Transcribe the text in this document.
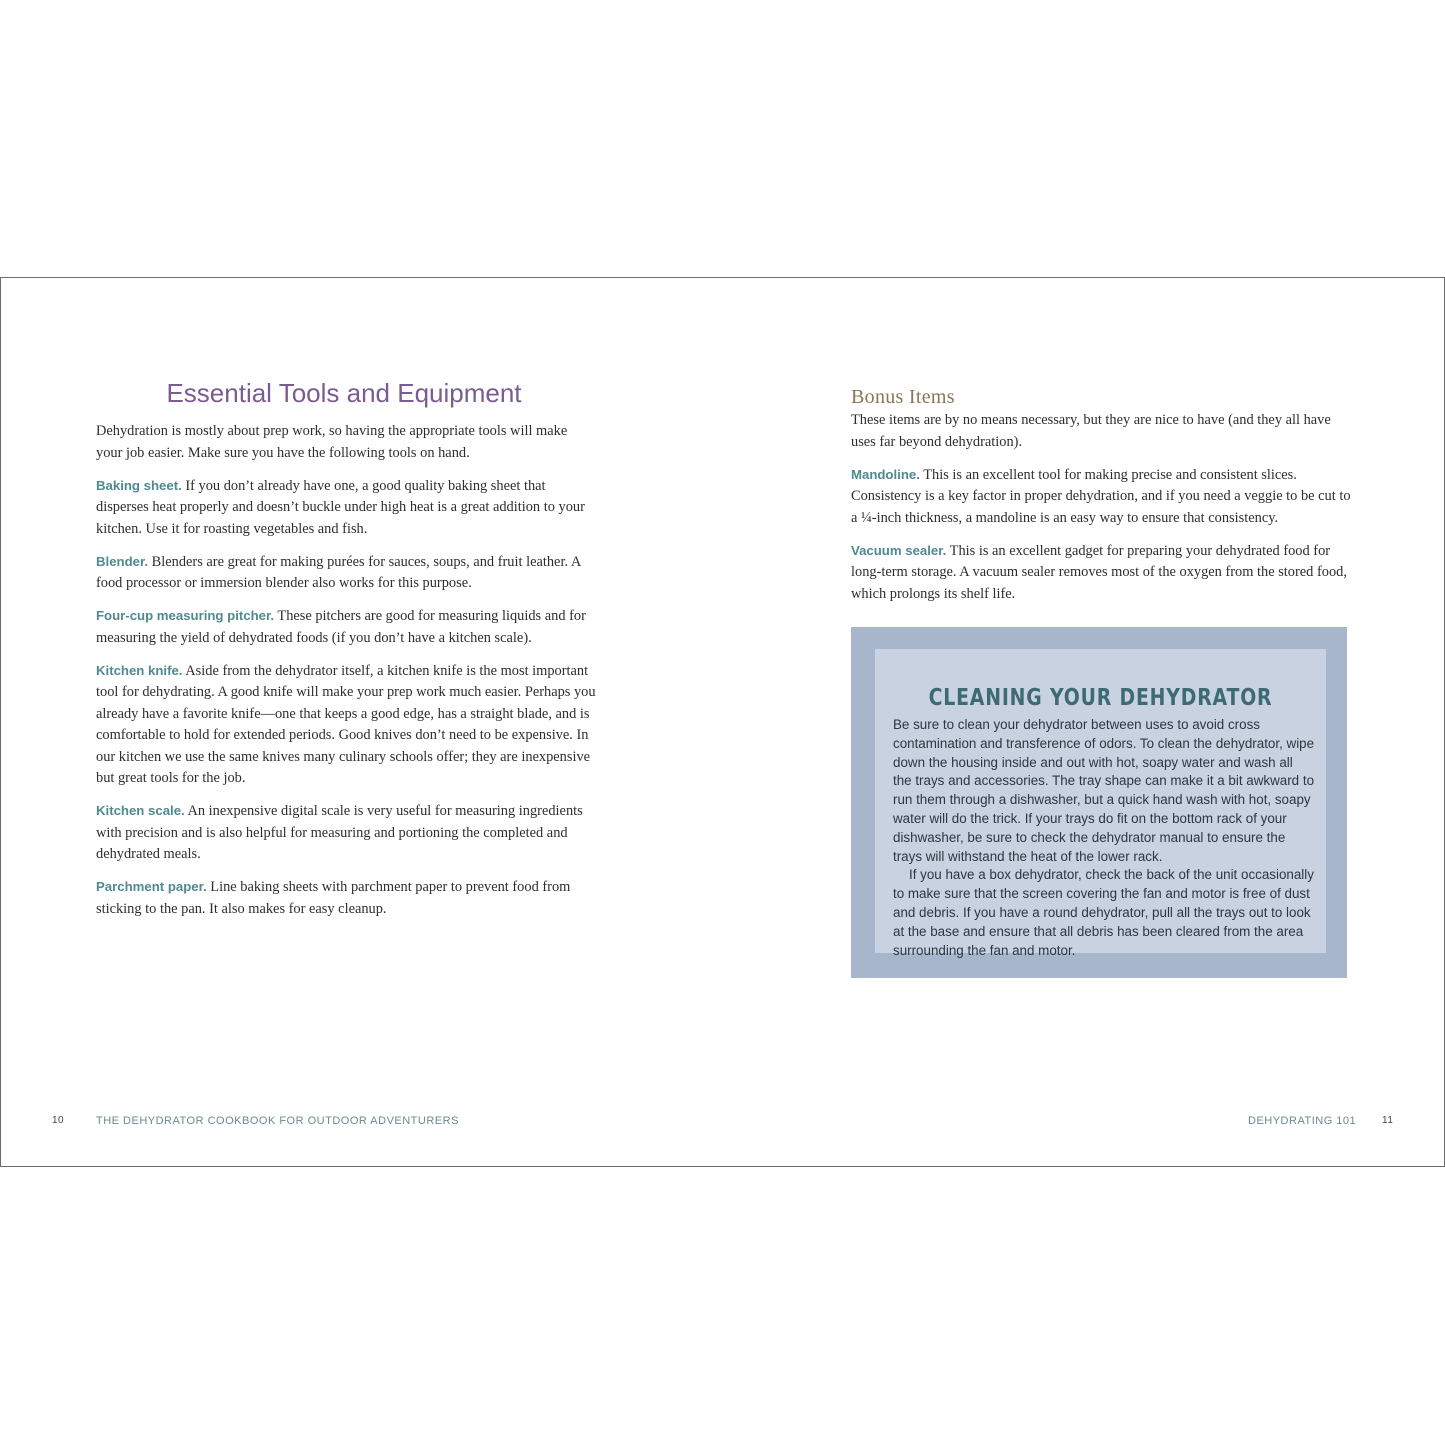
Essential Tools and Equipment

Dehydration is mostly about prep work, so having the appropriate tools will make your job easier. Make sure you have the following tools on hand.

Baking sheet. If you don’t already have one, a good quality baking sheet that disperses heat properly and doesn’t buckle under high heat is a great addition to your kitchen. Use it for roasting vegetables and fish.

Blender. Blenders are great for making purées for sauces, soups, and fruit leather. A food processor or immersion blender also works for this purpose.

Four-cup measuring pitcher. These pitchers are good for measuring liquids and for measuring the yield of dehydrated foods (if you don’t have a kitchen scale).

Kitchen knife. Aside from the dehydrator itself, a kitchen knife is the most important tool for dehydrating. A good knife will make your prep work much easier. Perhaps you already have a favorite knife—one that keeps a good edge, has a straight blade, and is comfortable to hold for extended periods. Good knives don’t need to be expensive. In our kitchen we use the same knives many culinary schools offer; they are inexpensive but great tools for the job.

Kitchen scale. An inexpensive digital scale is very useful for measuring ingredients with precision and is also helpful for measuring and portioning the completed and dehydrated meals.

Parchment paper. Line baking sheets with parchment paper to prevent food from sticking to the pan. It also makes for easy cleanup.

Bonus Items

These items are by no means necessary, but they are nice to have (and they all have uses far beyond dehydration).

Mandoline. This is an excellent tool for making precise and consistent slices. Consistency is a key factor in proper dehydration, and if you need a veggie to be cut to a ¼-inch thickness, a mandoline is an easy way to ensure that consistency.

Vacuum sealer. This is an excellent gadget for preparing your dehydrated food for long-term storage. A vacuum sealer removes most of the oxygen from the stored food, which prolongs its shelf life.

CLEANING YOUR DEHYDRATOR

Be sure to clean your dehydrator between uses to avoid cross contamination and transference of odors. To clean the dehydrator, wipe down the housing inside and out with hot, soapy water and wash all the trays and accessories. The tray shape can make it a bit awkward to run them through a dishwasher, but a quick hand wash with hot, soapy water will do the trick. If your trays do fit on the bottom rack of your dishwasher, be sure to check the dehydrator manual to ensure the trays will withstand the heat of the lower rack.

If you have a box dehydrator, check the back of the unit occasionally to make sure that the screen covering the fan and motor is free of dust and debris. If you have a round dehydrator, pull all the trays out to look at the base and ensure that all debris has been cleared from the area surrounding the fan and motor.

10	THE DEHYDRATOR COOKBOOK FOR OUTDOOR ADVENTURERS	DEHYDRATING 101	11
